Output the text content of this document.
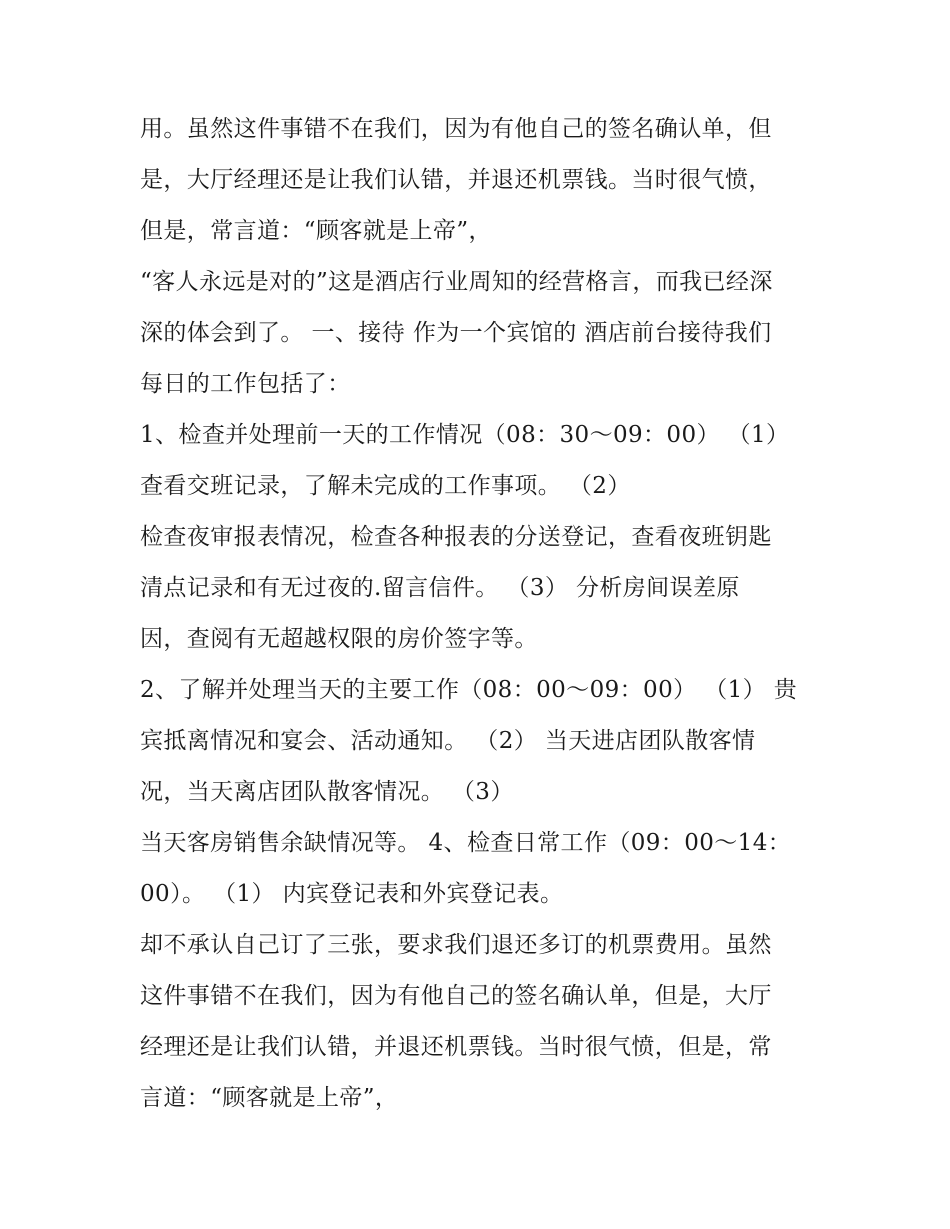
用。虽然这件事错不在我们，因为有他自己的签名确认单，但
是，大厅经理还是让我们认错，并退还机票钱。当时很气愤，
但是，常言道：“顾客就是上帝”，
“客人永远是对的”这是酒店行业周知的经营格言，而我已经深
深的体会到了。 一、接待 作为一个宾馆的 酒店前台接待我们
每日的工作包括了：
1、检查并处理前一天的工作情况（08：30～09：00） （1）
查看交班记录，了解未完成的工作事项。 （2）
检查夜审报表情况，检查各种报表的分送登记，查看夜班钥匙
清点记录和有无过夜的.留言信件。 （3） 分析房间误差原
因，查阅有无超越权限的房价签字等。
2、了解并处理当天的主要工作（08：00～09：00） （1） 贵
宾抵离情况和宴会、活动通知。 （2） 当天进店团队散客情
况，当天离店团队散客情况。 （3）
当天客房销售余缺情况等。 4、检查日常工作（09：00～14：
00）。 （1） 内宾登记表和外宾登记表。
却不承认自己订了三张，要求我们退还多订的机票费用。虽然
这件事错不在我们，因为有他自己的签名确认单，但是，大厅
经理还是让我们认错，并退还机票钱。当时很气愤，但是，常
言道：“顾客就是上帝”，
